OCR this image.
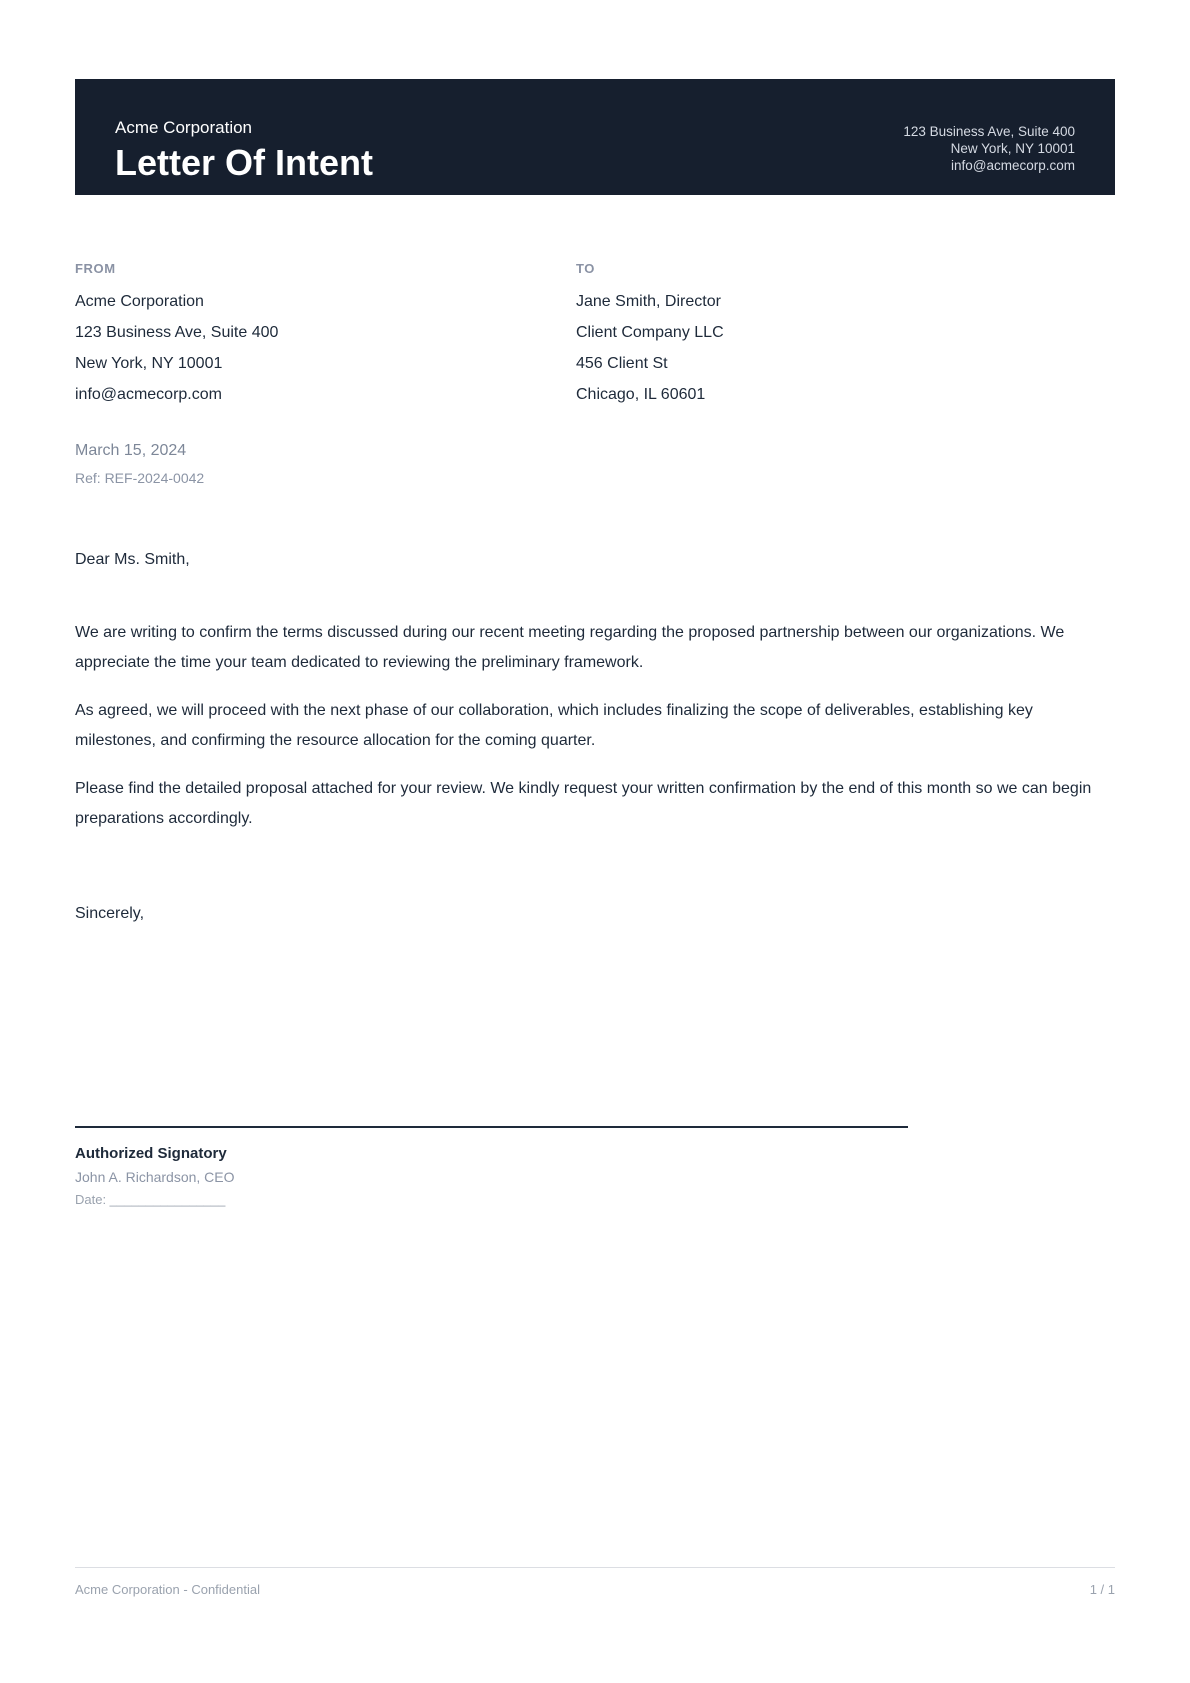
Acme Corporation
Letter Of Intent
123 Business Ave, Suite 400
New York, NY 10001
info@acmecorp.com
FROM
Acme Corporation
123 Business Ave, Suite 400
New York, NY 10001
info@acmecorp.com
TO
Jane Smith, Director
Client Company LLC
456 Client St
Chicago, IL 60601
March 15, 2024
Ref: REF-2024-0042
Dear Ms. Smith,

We are writing to confirm the terms discussed during our recent meeting regarding the proposed partnership between our organizations. We appreciate the time your team dedicated to reviewing the preliminary framework.

As agreed, we will proceed with the next phase of our collaboration, which includes finalizing the scope of deliverables, establishing key milestones, and confirming the resource allocation for the coming quarter.

Please find the detailed proposal attached for your review. We kindly request your written confirmation by the end of this month so we can begin preparations accordingly.

Sincerely,
Authorized Signatory
John A. Richardson, CEO
Date: ________________
Acme Corporation - Confidential	1 / 1
